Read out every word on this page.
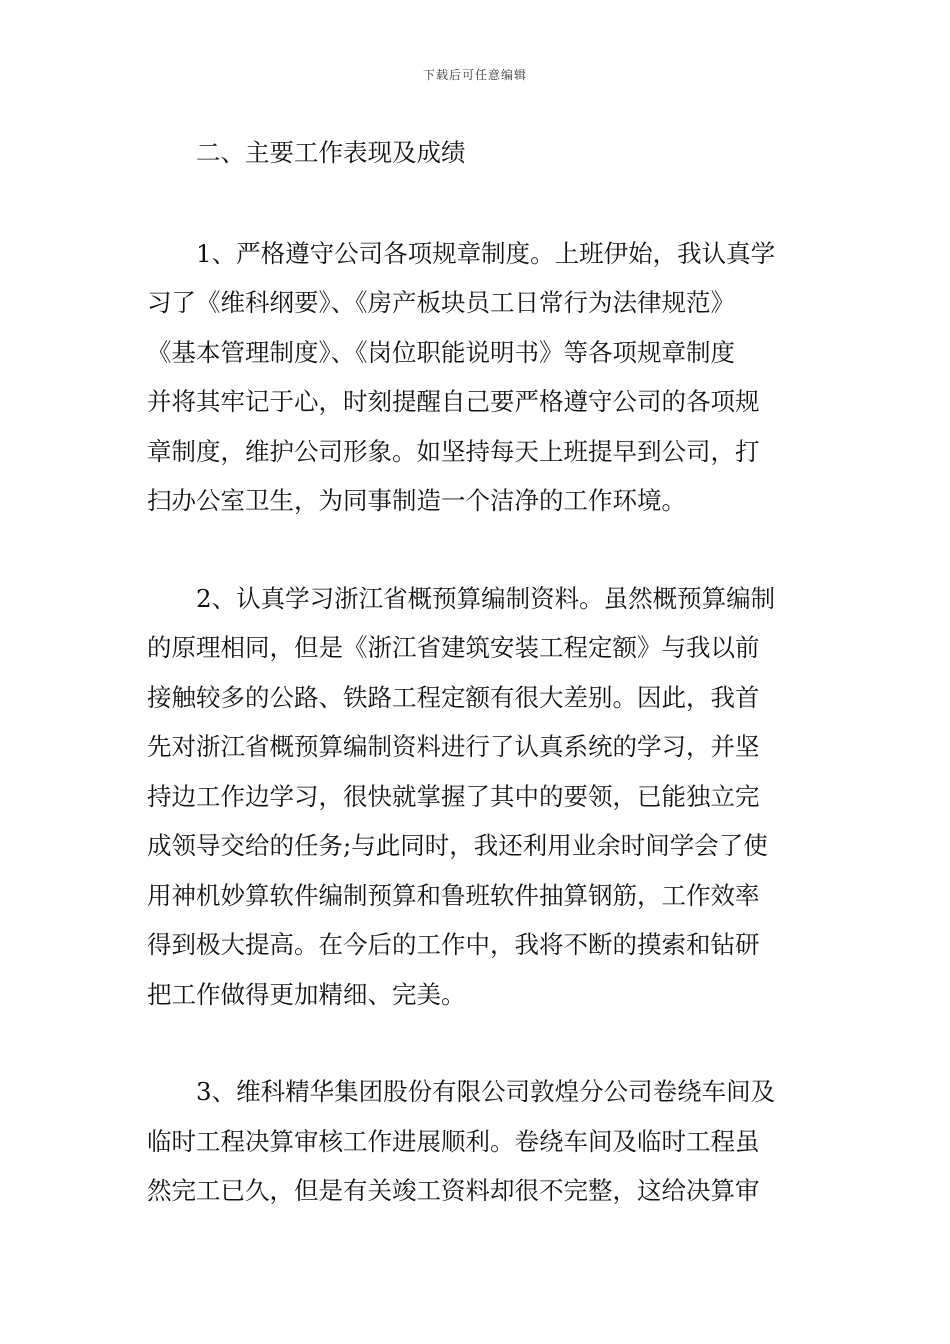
下载后可任意编辑
二、主要工作表现及成绩
1、严格遵守公司各项规章制度。上班伊始，我认真学
习了《维科纲要》、《房产板块员工日常行为法律规范》
《基本管理制度》、《岗位职能说明书》等各项规章制度
并将其牢记于心，时刻提醒自己要严格遵守公司的各项规
章制度，维护公司形象。如坚持每天上班提早到公司，打
扫办公室卫生，为同事制造一个洁净的工作环境。
2、认真学习浙江省概预算编制资料。虽然概预算编制
的原理相同，但是《浙江省建筑安装工程定额》与我以前
接触较多的公路、铁路工程定额有很大差别。因此，我首
先对浙江省概预算编制资料进行了认真系统的学习，并坚
持边工作边学习，很快就掌握了其中的要领，已能独立完
成领导交给的任务;与此同时，我还利用业余时间学会了使
用神机妙算软件编制预算和鲁班软件抽算钢筋，工作效率
得到极大提高。在今后的工作中，我将不断的摸索和钻研
把工作做得更加精细、完美。
3、维科精华集团股份有限公司敦煌分公司卷绕车间及
临时工程决算审核工作进展顺利。卷绕车间及临时工程虽
然完工已久，但是有关竣工资料却很不完整，这给决算审
